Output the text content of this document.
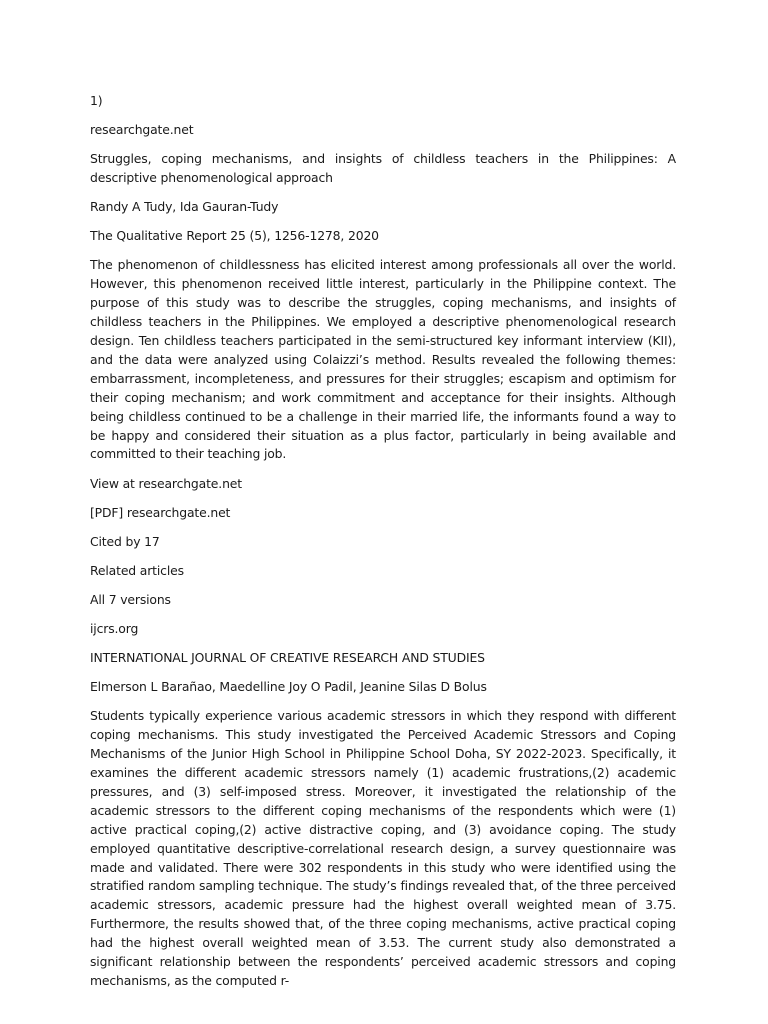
1)

researchgate.net

Struggles, coping mechanisms, and insights of childless teachers in the Philippines: A descriptive phenomenological approach

Randy A Tudy, Ida Gauran-Tudy

The Qualitative Report 25 (5), 1256-1278, 2020

The phenomenon of childlessness has elicited interest among professionals all over the world. However, this phenomenon received little interest, particularly in the Philippine context. The purpose of this study was to describe the struggles, coping mechanisms, and insights of childless teachers in the Philippines. We employed a descriptive phenomenological research design. Ten childless teachers participated in the semi-structured key informant interview (KII), and the data were analyzed using Colaizzi’s method. Results revealed the following themes: embarrassment, incompleteness, and pressures for their struggles; escapism and optimism for their coping mechanism; and work commitment and acceptance for their insights. Although being childless continued to be a challenge in their married life, the informants found a way to be happy and considered their situation as a plus factor, particularly in being available and committed to their teaching job.

View at researchgate.net

[PDF] researchgate.net

Cited by 17

Related articles

All 7 versions

ijcrs.org

INTERNATIONAL JOURNAL OF CREATIVE RESEARCH AND STUDIES

Elmerson L Barañao, Maedelline Joy O Padil, Jeanine Silas D Bolus

Students typically experience various academic stressors in which they respond with different coping mechanisms. This study investigated the Perceived Academic Stressors and Coping Mechanisms of the Junior High School in Philippine School Doha, SY 2022-2023. Specifically, it examines the different academic stressors namely (1) academic frustrations,(2) academic pressures, and (3) self-imposed stress. Moreover, it investigated the relationship of the academic stressors to the different coping mechanisms of the respondents which were (1) active practical coping,(2) active distractive coping, and (3) avoidance coping. The study employed quantitative descriptive-correlational research design, a survey questionnaire was made and validated. There were 302 respondents in this study who were identified using the stratified random sampling technique. The study’s findings revealed that, of the three perceived academic stressors, academic pressure had the highest overall weighted mean of 3.75. Furthermore, the results showed that, of the three coping mechanisms, active practical coping had the highest overall weighted mean of 3.53. The current study also demonstrated a significant relationship between the respondents’ perceived academic stressors and coping mechanisms, as the computed r-
